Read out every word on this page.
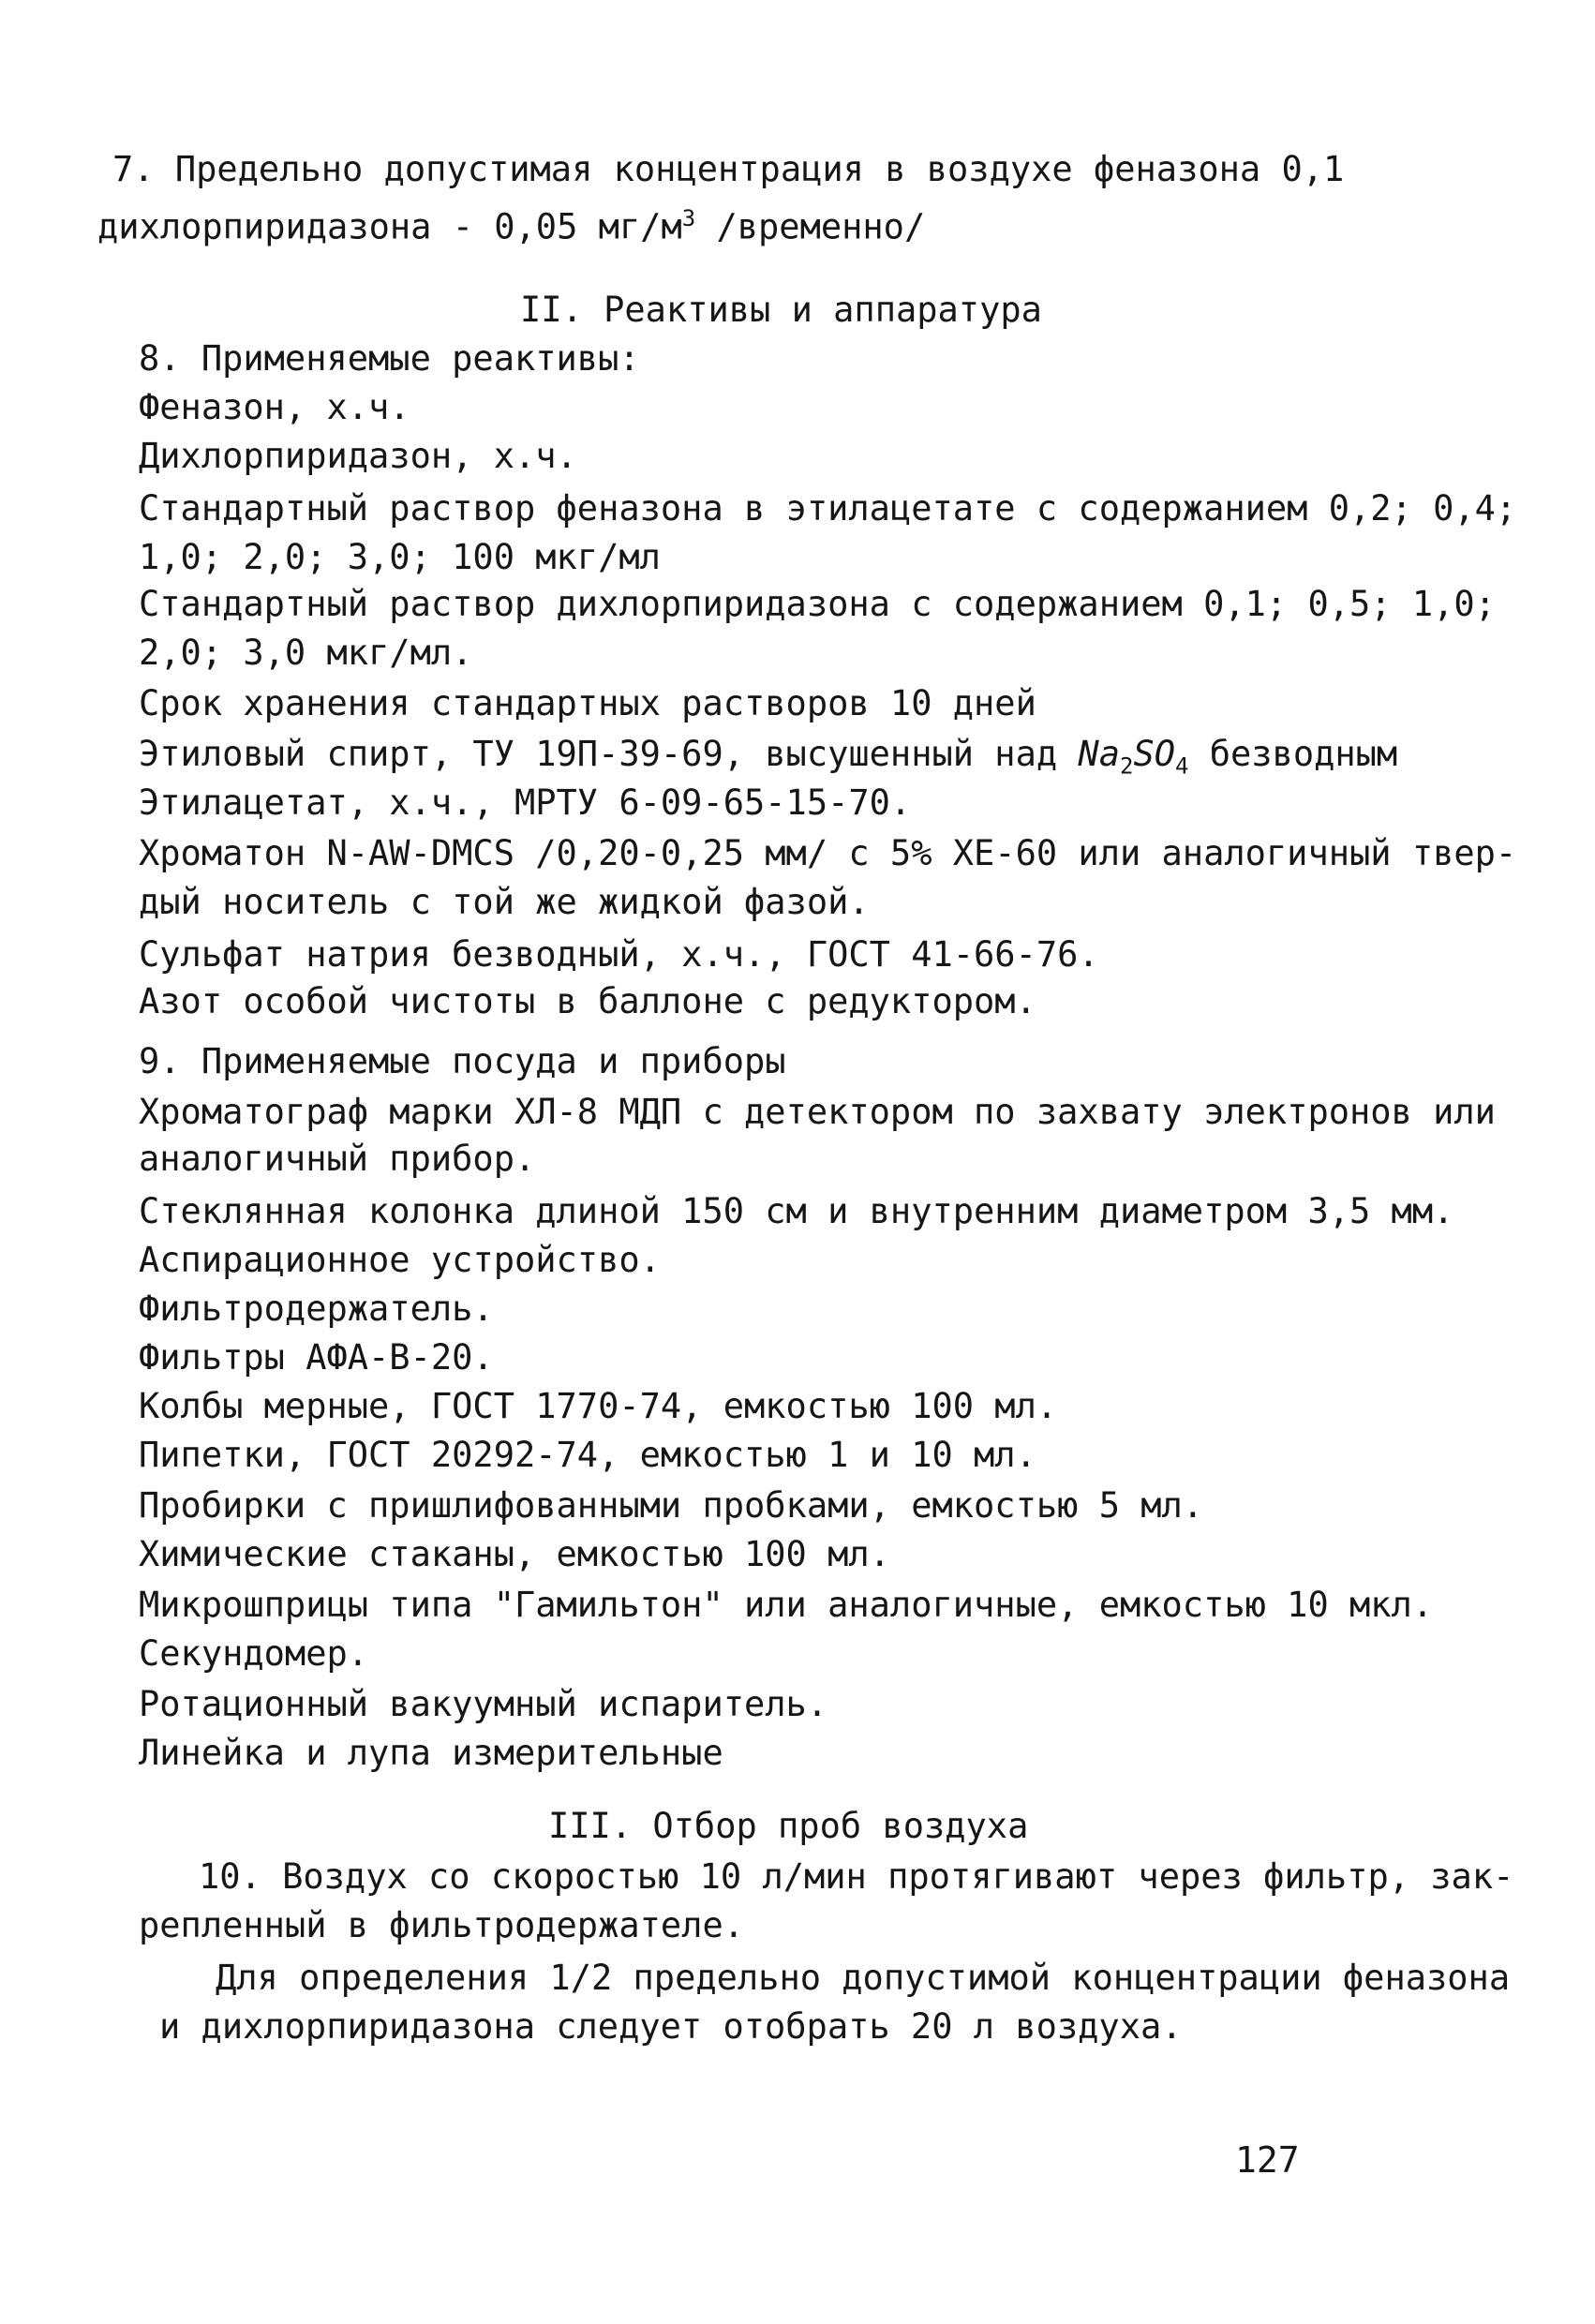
7. Предельно допустимая концентрация в воздухе феназона 0,1
дихлорпиридазона - 0,05 $мг/м^3$ /временно/
II. Реактивы и аппаратура
8. Применяемые реактивы:
Феназон, х.ч.
Дихлорпиридазон, х.ч.
Стандартный раствор феназона в этилацетате с содержанием 0,2; 0,4;
1,0; 2,0; 3,0; 100 мкг/мл
Стандартный раствор дихлорпиридазона с содержанием 0,1; 0,5; 1,0;
2,0; 3,0 мкг/мл.
Срок хранения стандартных растворов 10 дней
Этиловый спирт, ТУ 19П-39-69, высушенный над $Na_2SO_4$ безводным
Этилацетат, х.ч., МРТУ 6-09-65-15-70.
Хроматон N-AW-DMCS /0,20-0,25 мм/ с 5% XE-60 или аналогичный твер-
дый носитель с той же жидкой фазой.
Сульфат натрия безводный, х.ч., ГОСТ 41-66-76.
Азот особой чистоты в баллоне с редуктором.
9. Применяемые посуда и приборы
Хроматограф марки ХЛ-8 МДП с детектором по захвату электронов или
аналогичный прибор.
Стеклянная колонка длиной 150 см и внутренним диаметром 3,5 мм.
Аспирационное устройство.
Фильтродержатель.
Фильтры АФА-В-20.
Колбы мерные, ГОСТ 1770-74, емкостью 100 мл.
Пипетки, ГОСТ 20292-74, емкостью 1 и 10 мл.
Пробирки с пришлифованными пробками, емкостью 5 мл.
Химические стаканы, емкостью 100 мл.
Микрошприцы типа "Гамильтон" или аналогичные, емкостью 10 мкл.
Секундомер.
Ротационный вакуумный испаритель.
Линейка и лупа измерительные
III. Отбор проб воздуха
10. Воздух со скоростью 10 л/мин протягивают через фильтр, зак-
репленный в фильтродержателе.
Для определения 1/2 предельно допустимой концентрации феназона
и дихлорпиридазона следует отобрать 20 л воздуха.
127
